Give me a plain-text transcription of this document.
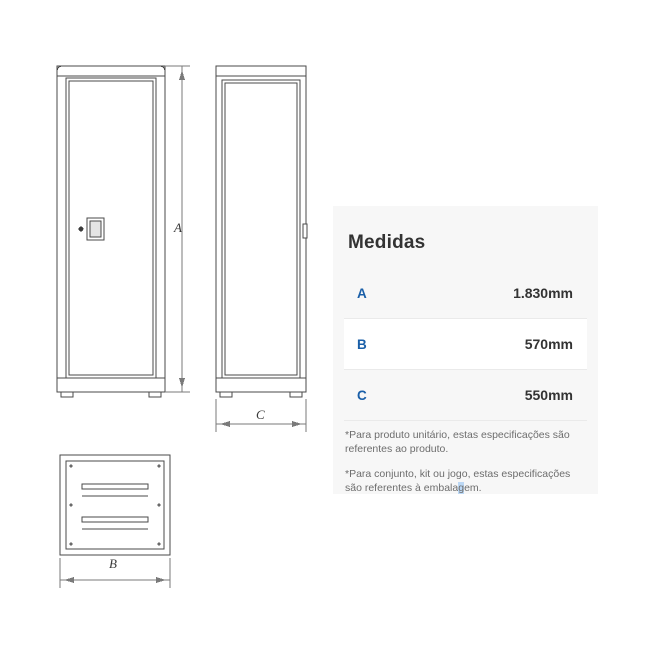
A
C
B
Medidas
A	1.830mm
B	570mm
C	550mm
*Para produto unitário, estas especificações são referentes ao produto.
*Para conjunto, kit ou jogo, estas especificações são referentes à embalagem.
